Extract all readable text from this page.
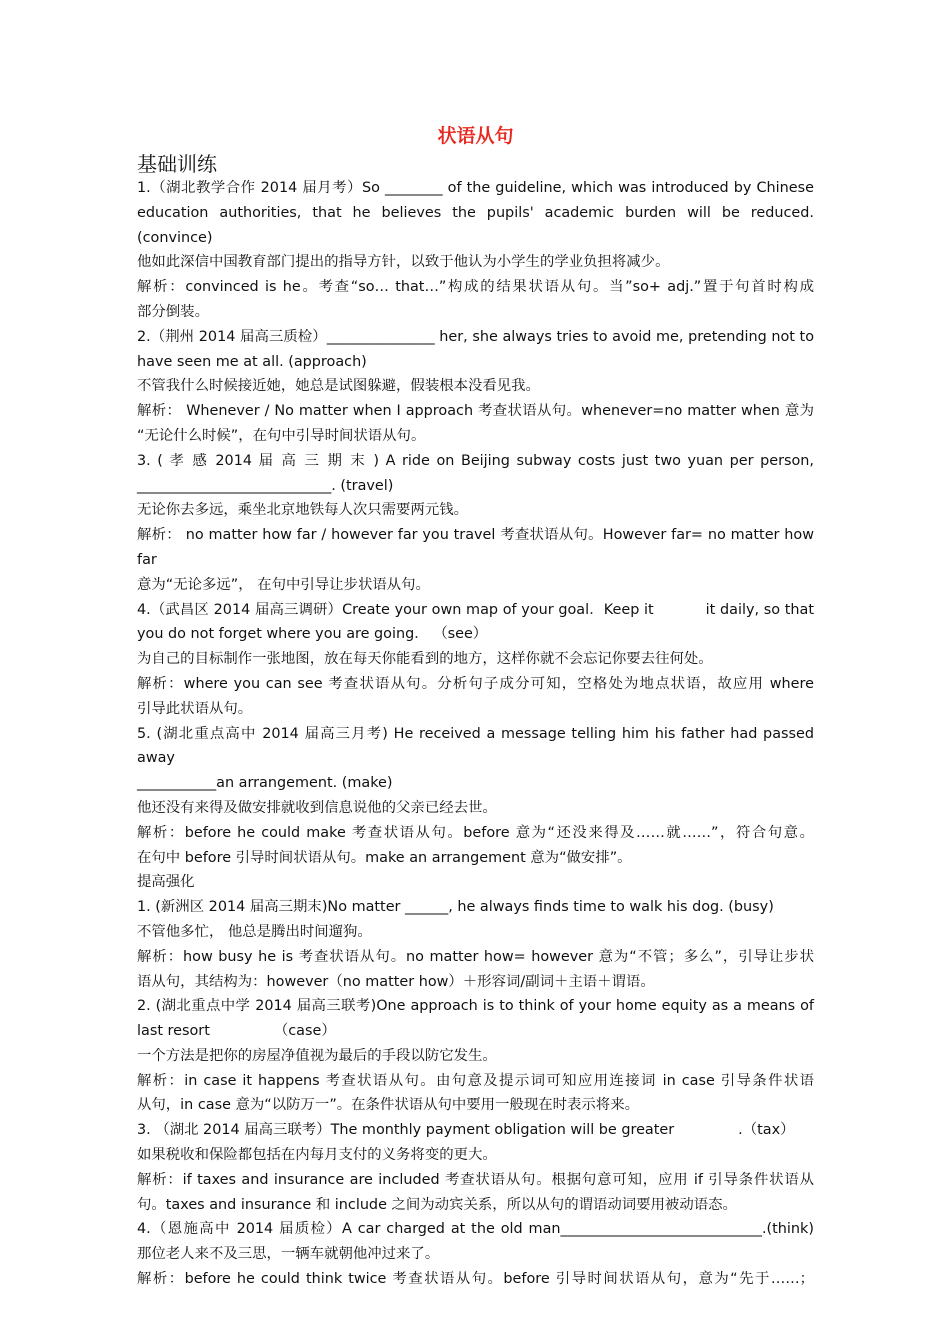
状语从句
基础训练

1.（湖北教学合作 2014 届月考）So ________ of the guideline, which was introduced by Chinese

education authorities, that he believes the pupils' academic burden will be reduced. (convince)

他如此深信中国教育部门提出的指导方针，以致于他认为小学生的学业负担将减少。

解析：convinced is he。考查“so… that…”构成的结果状语从句。当”so+ adj.”置于句首时构成

部分倒装。

2.（荆州 2014 届高三质检）_______________ her, she always tries to avoid me, pretending not to

have seen me at all. (approach)

不管我什么时候接近她，她总是试图躲避，假装根本没看见我。

解析： Whenever / No matter when I approach 考查状语从句。whenever=no matter when 意为

“无论什么时候”，在句中引导时间状语从句。

3. ( 孝 感 2014 届 高 三 期 末 ) A ride on Beijing subway costs just two yuan per person,

___________________________. (travel)

无论你去多远，乘坐北京地铁每人次只需要两元钱。

解析： no matter how far / however far you travel 考查状语从句。However far= no matter how far

意为“无论多远”， 在句中引导让步状语从句。

4.（武昌区 2014 届高三调研）Create your own map of your goal．Keep it	it daily, so that

you do not forget where you are going． （see）

为自己的目标制作一张地图，放在每天你能看到的地方，这样你就不会忘记你要去往何处。

解析：where you can see 考查状语从句。分析句子成分可知，空格处为地点状语，故应用 where

引导此状语从句。

5. (湖北重点高中 2014 届高三月考) He received a message telling him his father had passed away

___________an arrangement. (make)

他还没有来得及做安排就收到信息说他的父亲已经去世。

解析：before he could make 考查状语从句。before 意为“还没来得及……就……”，符合句意。

在句中 before 引导时间状语从句。make an arrangement 意为“做安排”。

提高强化

1. (新洲区 2014 届高三期末)No matter ______, he always finds time to walk his dog. (busy)

不管他多忙， 他总是腾出时间遛狗。

解析：how busy he is 考查状语从句。no matter how= however 意为“不管；多么”，引导让步状

语从句，其结构为：however（no matter how）＋形容词/副词＋主语＋谓语。

2. (湖北重点中学 2014 届高三联考)One approach is to think of your home equity as a means of

last resort	（case）

一个方法是把你的房屋净值视为最后的手段以防它发生。

解析：in case it happens 考查状语从句。由句意及提示词可知应用连接词 in case 引导条件状语

从句，in case 意为“以防万一”。在条件状语从句中要用一般现在时表示将来。

3. （湖北 2014 届高三联考）The monthly payment obligation will be greater	.（tax）

如果税收和保险都包括在内每月支付的义务将变的更大。

解析：if taxes and insurance are included 考查状语从句。根据句意可知，应用 if 引导条件状语从

句。taxes and insurance 和 include 之间为动宾关系，所以从句的谓语动词要用被动语态。

4.（恩施高中 2014 届质检）A car charged at the old man____________________________.(think)

那位老人来不及三思，一辆车就朝他冲过来了。

解析：before he could think twice 考查状语从句。before 引导时间状语从句，意为“先于……；
